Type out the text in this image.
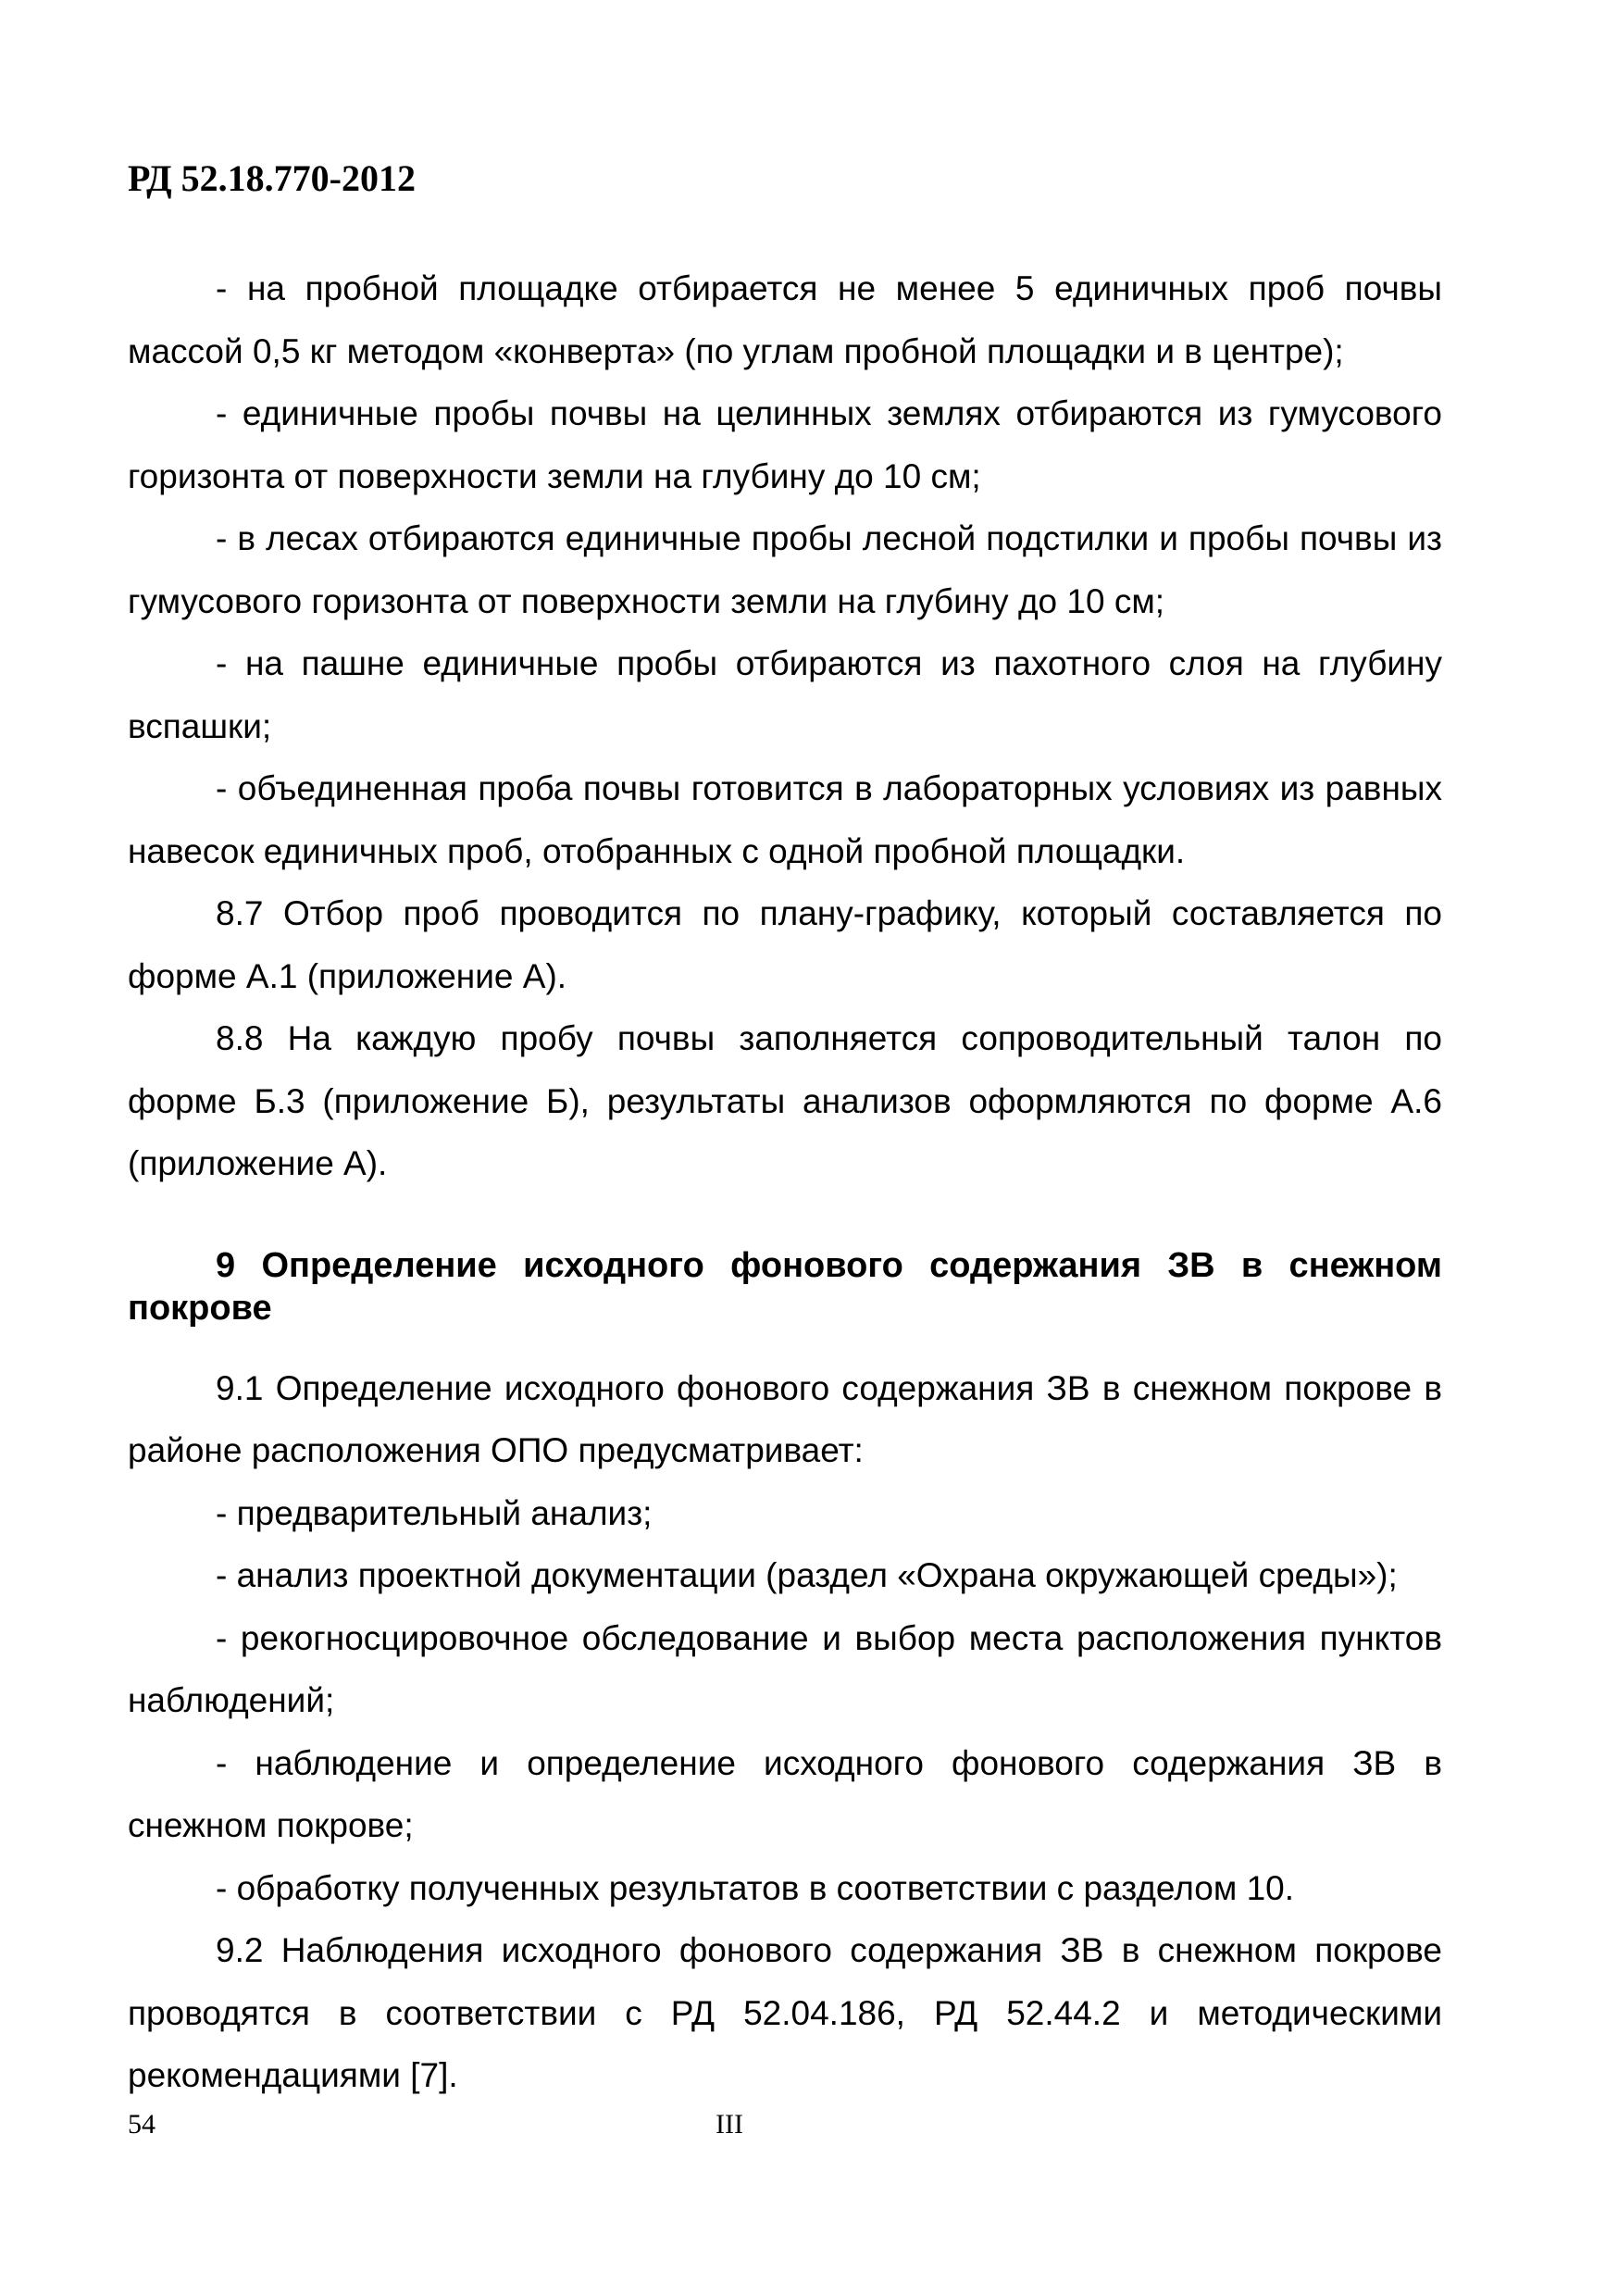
РД 52.18.770-2012

- на пробной площадке отбирается не менее 5 единичных проб почвы массой 0,5 кг методом «конверта» (по углам пробной площадки и в центре);

- единичные пробы почвы на целинных землях отбираются из гумусового горизонта от поверхности земли на глубину до 10 см;

- в лесах отбираются единичные пробы лесной подстилки и пробы почвы из гумусового горизонта от поверхности земли на глубину до 10 см;

- на пашне единичные пробы отбираются из пахотного слоя на глубину вспашки;

- объединенная проба почвы готовится в лабораторных условиях из равных навесок единичных проб, отобранных с одной пробной площадки.

8.7 Отбор проб проводится по плану-графику, который составляется по форме А.1 (приложение А).

8.8 На каждую пробу почвы заполняется сопроводительный талон по форме Б.3 (приложение Б), результаты анализов оформляются по форме А.6 (приложение А).

9 Определение исходного фонового содержания ЗВ в снежном покрове

9.1 Определение исходного фонового содержания ЗВ в снежном покрове в районе расположения ОПО предусматривает:

- предварительный анализ;

- анализ проектной документации (раздел «Охрана окружающей среды»);

- рекогносцировочное обследование и выбор места расположения пунктов наблюдений;

- наблюдение и определение исходного фонового содержания ЗВ в снежном покрове;

- обработку полученных результатов в соответствии с разделом 10.

9.2 Наблюдения исходного фонового содержания ЗВ в снежном покрове проводятся в соответствии с РД 52.04.186, РД 52.44.2 и методическими рекомендациями [7].

54	III
